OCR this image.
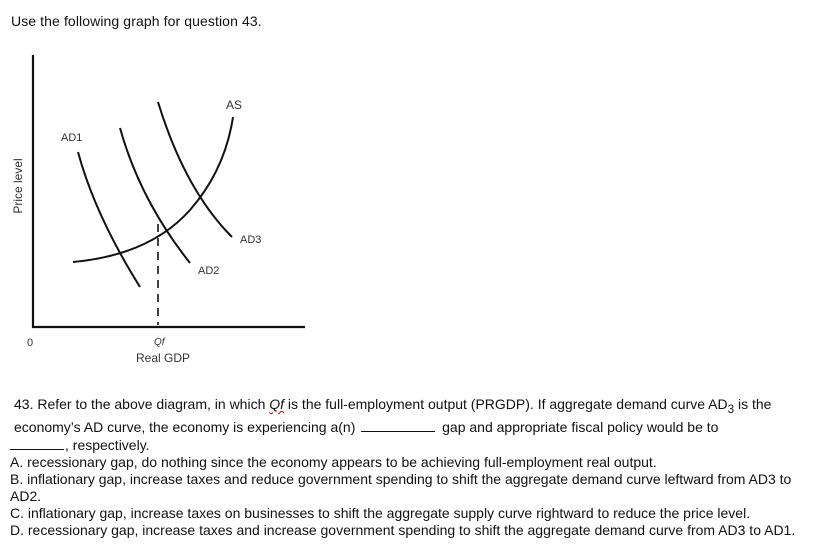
Use the following graph for question 43.
Price level
0
Real GDP
Qf
AS
AD1
AD2
AD3

43. Refer to the above diagram, in which Qf is the full-employment output (PRGDP). If aggregate demand curve $AD_3$ is the economy’s AD curve, the economy is experiencing a(n)	gap and appropriate fiscal policy would be to

, respectively.

A. recessionary gap, do nothing since the economy appears to be achieving full-employment real output.

B. inflationary gap, increase taxes and reduce government spending to shift the aggregate demand curve leftward from AD3 to AD2.

C. inflationary gap, increase taxes on businesses to shift the aggregate supply curve rightward to reduce the price level.

D. recessionary gap, increase taxes and increase government spending to shift the aggregate demand curve from AD3 to AD1.
